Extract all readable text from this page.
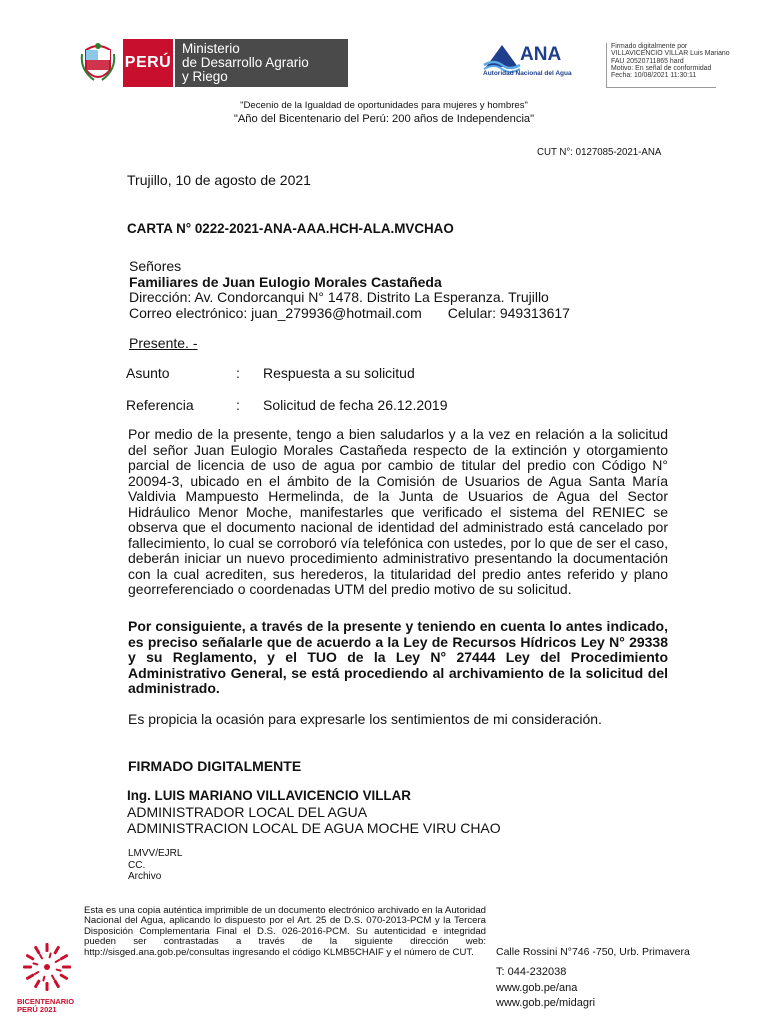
PERÚ
Ministerio
de Desarrollo Agrario
y Riego
ANA
Autoridad Nacional del Agua
Firmado digitalmente por
VILLAVICENCIO VILLAR Luis Mariano
FAU 20520711865 hard
Motivo: En señal de conformidad
Fecha: 10/08/2021 11:30:11
"Decenio de la Igualdad de oportunidades para mujeres y hombres"
"Año del Bicentenario del Perú: 200 años de Independencia"
CUT N°: 0127085-2021-ANA
Trujillo, 10 de agosto de 2021
CARTA N° 0222-2021-ANA-AAA.HCH-ALA.MVCHAO
Señores
Familiares de Juan Eulogio Morales Castañeda
Dirección: Av. Condorcanqui N° 1478. Distrito La Esperanza. Trujillo
Correo electrónico: juan_279936@hotmail.com Celular: 949313617
Presente. -
Asunto	: Respuesta a su solicitud
Referencia	: Solicitud de fecha 26.12.2019
Por medio de la presente, tengo a bien saludarlos y a la vez en relación a la solicitud del señor Juan Eulogio Morales Castañeda respecto de la extinción y otorgamiento parcial de licencia de uso de agua por cambio de titular del predio con Código N° 20094-3, ubicado en el ámbito de la Comisión de Usuarios de Agua Santa María Valdivia Mampuesto Hermelinda, de la Junta de Usuarios de Agua del Sector Hidráulico Menor Moche, manifestarles que verificado el sistema del RENIEC se observa que el documento nacional de identidad del administrado está cancelado por fallecimiento, lo cual se corroboró vía telefónica con ustedes, por lo que de ser el caso, deberán iniciar un nuevo procedimiento administrativo presentando la documentación con la cual acrediten, sus herederos, la titularidad del predio antes referido y plano georreferenciado o coordenadas UTM del predio motivo de su solicitud.
Por consiguiente, a través de la presente y teniendo en cuenta lo antes indicado, es preciso señalarle que de acuerdo a la Ley de Recursos Hídricos Ley N° 29338 y su Reglamento, y el TUO de la Ley N° 27444 Ley del Procedimiento Administrativo General, se está procediendo al archivamiento de la solicitud del administrado.
Es propicia la ocasión para expresarle los sentimientos de mi consideración.
FIRMADO DIGITALMENTE
Ing. LUIS MARIANO VILLAVICENCIO VILLAR
ADMINISTRADOR LOCAL DEL AGUA
ADMINISTRACION LOCAL DE AGUA MOCHE VIRU CHAO
LMVV/EJRL
CC.
Archivo
Esta es una copia auténtica imprimible de un documento electrónico archivado en la Autoridad Nacional del Agua, aplicando lo dispuesto por el Art. 25 de D.S. 070-2013-PCM y la Tercera Disposición Complementaria Final el D.S. 026-2016-PCM. Su autenticidad e integridad pueden ser contrastadas a través de la siguiente dirección web: http://sisged.ana.gob.pe/consultas ingresando el código KLMB5CHAIF y el número de CUT.
BICENTENARIO
PERÚ 2021
Calle Rossini N°746 -750, Urb. Primavera
T: 044-232038
www.gob.pe/ana
www.gob.pe/midagri
